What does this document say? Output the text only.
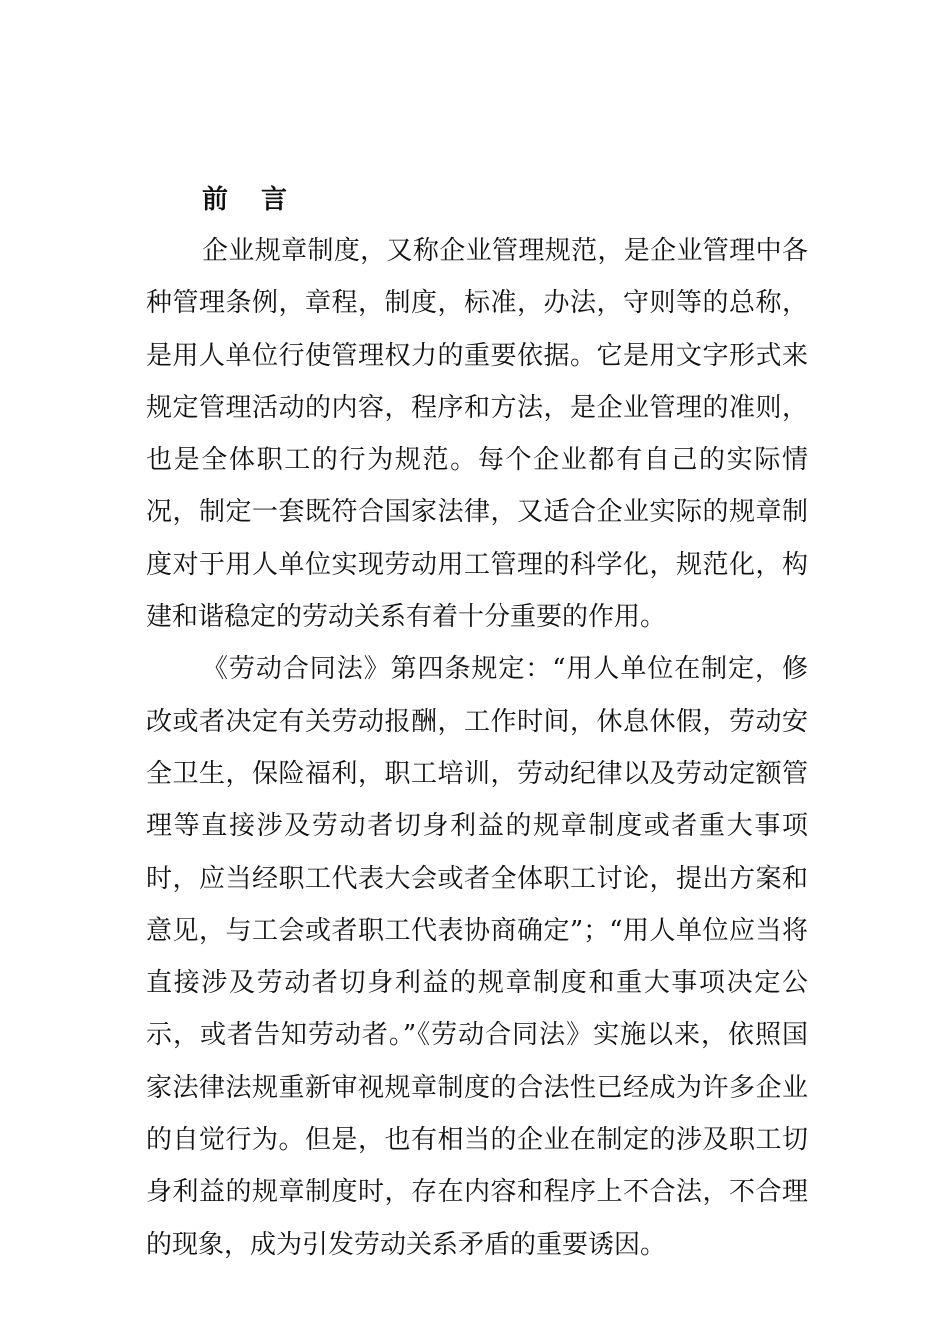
前 言

企业规章制度，又称企业管理规范，是企业管理中各种管理条例，章程，制度，标准，办法，守则等的总称，是用人单位行使管理权力的重要依据。它是用文字形式来规定管理活动的内容，程序和方法，是企业管理的准则，也是全体职工的行为规范。每个企业都有自己的实际情况，制定一套既符合国家法律，又适合企业实际的规章制度对于用人单位实现劳动用工管理的科学化，规范化，构建和谐稳定的劳动关系有着十分重要的作用。

《劳动合同法》第四条规定：“用人单位在制定，修改或者决定有关劳动报酬，工作时间，休息休假，劳动安全卫生，保险福利，职工培训，劳动纪律以及劳动定额管理等直接涉及劳动者切身利益的规章制度或者重大事项时，应当经职工代表大会或者全体职工讨论，提出方案和意见，与工会或者职工代表协商确定”；“用人单位应当将直接涉及劳动者切身利益的规章制度和重大事项决定公示，或者告知劳动者。”《劳动合同法》实施以来，依照国家法律法规重新审视规章制度的合法性已经成为许多企业的自觉行为。但是，也有相当的企业在制定的涉及职工切身利益的规章制度时，存在内容和程序上不合法，不合理的现象，成为引发劳动关系矛盾的重要诱因。
